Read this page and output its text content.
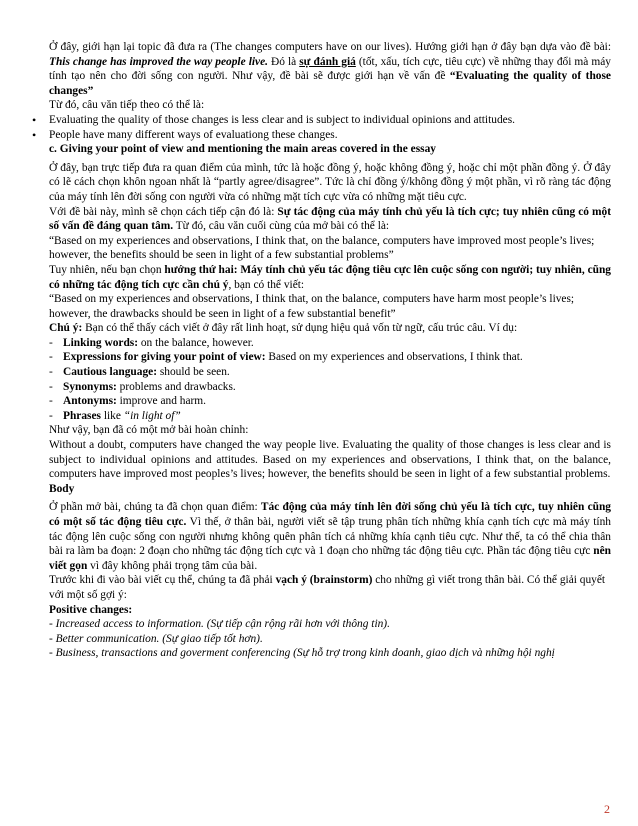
Ở đây, giới hạn lại topic đã đưa ra (The changes computers have on our lives). Hướng giới hạn ở đây bạn dựa vào đề bài: This change has improved the way people live. Đó là sự đánh giá (tốt, xấu, tích cực, tiêu cực) về những thay đổi mà máy tính tạo nên cho đời sống con người. Như vậy, đề bài sẽ được giới hạn về vấn đề “Evaluating the quality of those changes”

Từ đó, câu văn tiếp theo có thể là:

• Evaluating the quality of those changes is less clear and is subject to individual opinions and attitudes.
• People have many different ways of evaluationg these changes.

c. Giving your point of view and mentioning the main areas covered in the essay

Ở đây, bạn trực tiếp đưa ra quan điểm của mình, tức là hoặc đồng ý, hoặc không đồng ý, hoặc chỉ một phần đồng ý. Ở đây có lẽ cách chọn khôn ngoan nhất là “partly agree/disagree”. Tức là chỉ đồng ý/không đồng ý một phần, vì rõ ràng tác động của máy tính lên đời sống con người vừa có những mặt tích cực vừa có những mặt tiêu cực.

Với đề bài này, mình sẽ chọn cách tiếp cận đó là: Sự tác động của máy tính chủ yếu là tích cực; tuy nhiên cũng có một số vấn đề đáng quan tâm. Từ đó, câu văn cuối cùng của mở bài có thể là:

“Based on my experiences and observations, I think that, on the balance, computers have improved most people’s lives; however, the benefits should be seen in light of a few substantial problems”

Tuy nhiên, nếu bạn chọn hướng thứ hai: Máy tính chủ yếu tác động tiêu cực lên cuộc sống con người; tuy nhiên, cũng có những tác động tích cực cần chú ý, bạn có thể viết:

“Based on my experiences and observations, I think that, on the balance, computers have harm most people’s lives; however, the drawbacks should be seen in light of a few substantial benefit”

Chú ý: Bạn có thể thấy cách viết ở đây rất linh hoạt, sử dụng hiệu quả vốn từ ngữ, cấu trúc câu. Ví dụ:

- Linking words: on the balance, however.
- Expressions for giving your point of view: Based on my experiences and observations, I think that.
- Cautious language: should be seen.
- Synonyms: problems and drawbacks.
- Antonyms: improve and harm.
- Phrases like “in light of”

Như vậy, bạn đã có một mở bài hoàn chỉnh:

Without a doubt, computers have changed the way people live. Evaluating the quality of those changes is less clear and is subject to individual opinions and attitudes. Based on my experiences and observations, I think that, on the balance, computers have improved most peoples’s lives; however, the benefits should be seen in light of a few substantial problems.

Body

Ở phần mở bài, chúng ta đã chọn quan điểm: Tác động của máy tính lên đời sống chủ yếu là tích cực, tuy nhiên cũng có một số tác động tiêu cực. Vì thế, ở thân bài, người viết sẽ tập trung phân tích những khía cạnh tích cực mà máy tính tác động lên cuộc sống con người nhưng không quên phân tích cả những khía cạnh tiêu cực. Như thế, ta có thể chia thân bài ra làm ba đoạn: 2 đoạn cho những tác động tích cực và 1 đoạn cho những tác động tiêu cực. Phần tác động tiêu cực nên viết gọn vì đây không phải trọng tâm của bài.

Trước khi đi vào bài viết cụ thể, chúng ta đã phải vạch ý (brainstorm) cho những gì viết trong thân bài. Có thể giải quyết với một số gợi ý:

Positive changes:

- Increased access to information. (Sự tiếp cận rộng rãi hơn với thông tin).

- Better communication. (Sự giao tiếp tốt hơn).

- Business, transactions and goverment conferencing (Sự hỗ trợ trong kinh doanh, giao dịch và những hội nghị

2
